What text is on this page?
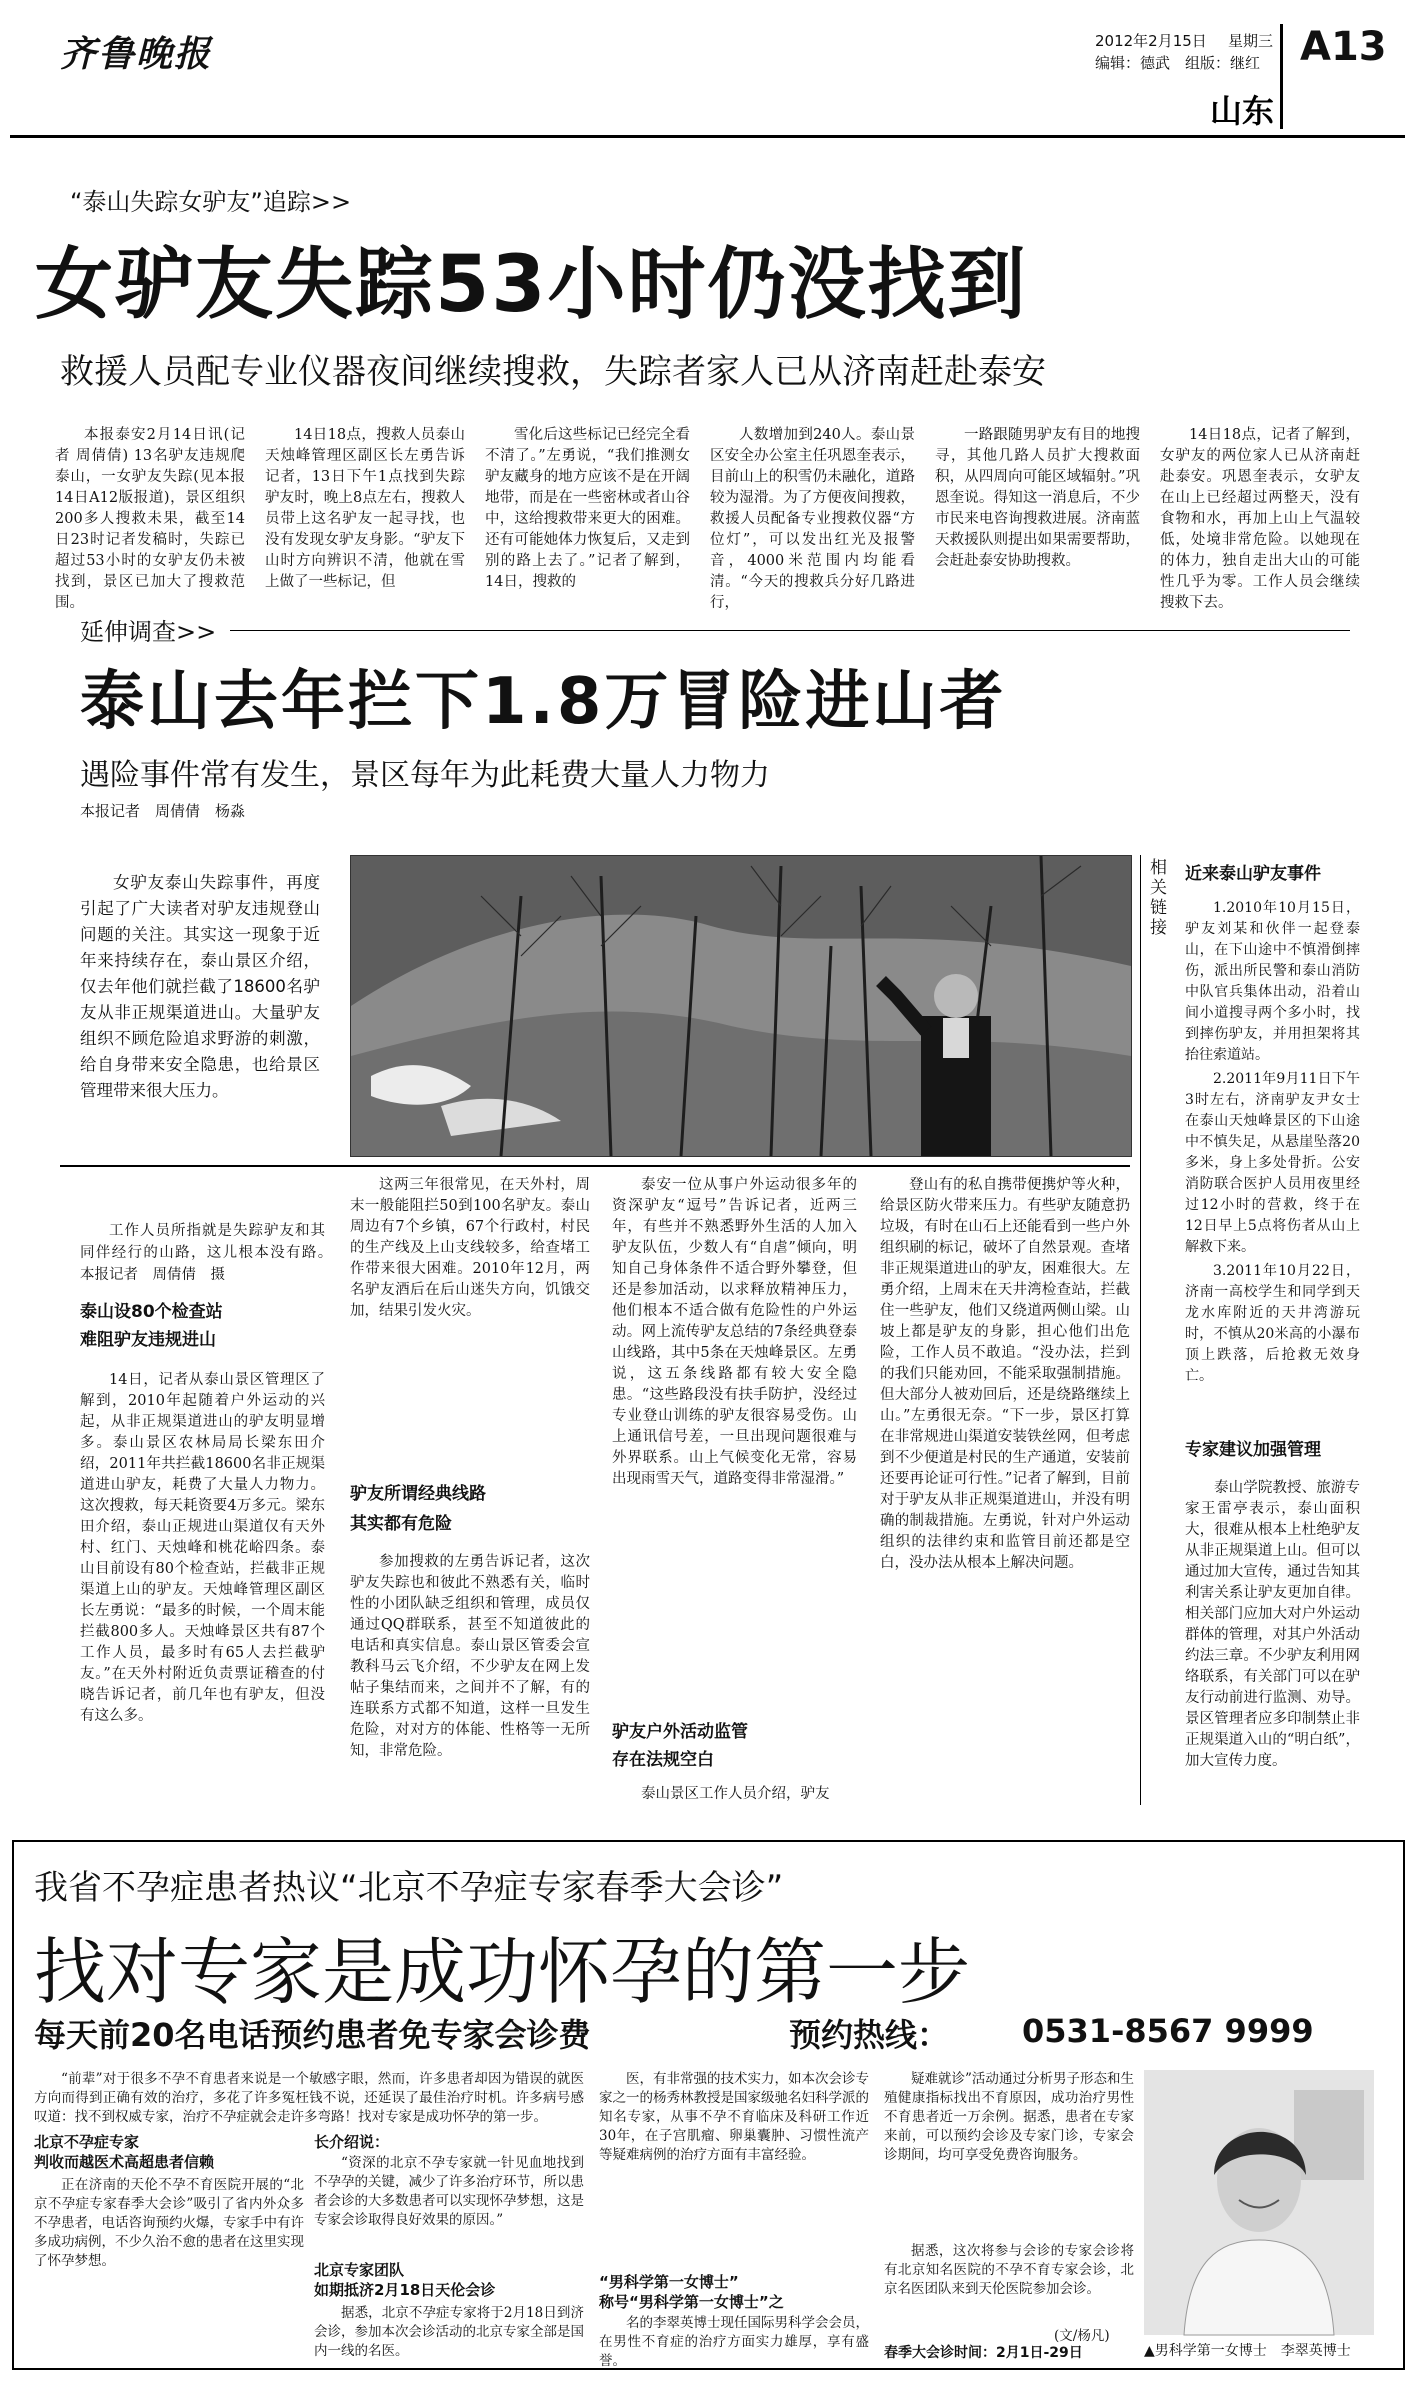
齐鲁晚报	2012年2月15日 星期三
编辑：德武　组版：继红 A13
山东
“泰山失踪女驴友”追踪>>
女驴友失踪53小时仍没找到
救援人员配专业仪器夜间继续搜救，失踪者家人已从济南赶赴泰安

本报泰安2月14日讯(记者 周倩倩) 13名驴友违规爬泰山，一女驴友失踪(见本报14日A12版报道)，景区组织200多人搜救未果，截至14日23时记者发稿时，失踪已超过53小时的女驴友仍未被找到，景区已加大了搜救范围。

14日18点，搜救人员泰山天烛峰管理区副区长左勇告诉记者，13日下午1点找到失踪驴友时，晚上8点左右，搜救人员带上这名驴友一起寻找，也没有发现女驴友身影。“驴友下山时方向辨识不清，他就在雪上做了一些标记，但

雪化后这些标记已经完全看不清了。”左勇说，“我们推测女驴友藏身的地方应该不是在开阔地带，而是在一些密林或者山谷中，这给搜救带来更大的困难。还有可能她体力恢复后，又走到别的路上去了。”记者了解到，14日，搜救的

人数增加到240人。泰山景区安全办公室主任巩恩奎表示，目前山上的积雪仍未融化，道路较为湿滑。为了方便夜间搜救，救援人员配备专业搜救仪器“方位灯”，可以发出红光及报警音，4000米范围内均能看清。“今天的搜救兵分好几路进行，

一路跟随男驴友有目的地搜寻，其他几路人员扩大搜救面积，从四周向可能区域辐射。”巩恩奎说。得知这一消息后，不少市民来电咨询搜救进展。济南蓝天救援队则提出如果需要帮助，会赶赴泰安协助搜救。

14日18点，记者了解到，女驴友的两位家人已从济南赶赴泰安。巩恩奎表示，女驴友在山上已经超过两整天，没有食物和水，再加上山上气温较低，处境非常危险。以她现在的体力，独自走出大山的可能性几乎为零。工作人员会继续搜救下去。

延伸调查>>
泰山去年拦下1.8万冒险进山者
遇险事件常有发生，景区每年为此耗费大量人力物力
本报记者　周倩倩　杨淼
女驴友泰山失踪事件，再度引起了广大读者对驴友违规登山问题的关注。其实这一现象于近年来持续存在，泰山景区介绍，仅去年他们就拦截了18600名驴友从非正规渠道进山。大量驴友组织不顾危险追求野游的刺激，给自身带来安全隐患，也给景区管理带来很大压力。
工作人员所指就是失踪驴友和其同伴经行的山路，这儿根本没有路。　本报记者　周倩倩　摄
泰山设80个检查站
难阻驴友违规进山

14日，记者从泰山景区管理区了解到，2010年起随着户外运动的兴起，从非正规渠道进山的驴友明显增多。泰山景区农林局局长梁东田介绍，2011年共拦截18600名非正规渠道进山驴友，耗费了大量人力物力。这次搜救，每天耗资要4万多元。梁东田介绍，泰山正规进山渠道仅有天外村、红门、天烛峰和桃花峪四条。泰山目前设有80个检查站，拦截非正规渠道上山的驴友。天烛峰管理区副区长左勇说：“最多的时候，一个周末能拦截800多人。天烛峰景区共有87个工作人员，最多时有65人去拦截驴友。”在天外村附近负责票证稽查的付晓告诉记者，前几年也有驴友，但没有这么多。

这两三年很常见，在天外村，周末一般能阻拦50到100名驴友。泰山周边有7个乡镇，67个行政村，村民的生产线及上山支线较多，给查堵工作带来很大困难。2010年12月，两名驴友酒后在后山迷失方向，饥饿交加，结果引发火灾。

驴友所谓经典线路
其实都有危险

参加搜救的左勇告诉记者，这次驴友失踪也和彼此不熟悉有关，临时性的小团队缺乏组织和管理，成员仅通过QQ群联系，甚至不知道彼此的电话和真实信息。泰山景区管委会宣教科马云飞介绍，不少驴友在网上发帖子集结而来，之间并不了解，有的连联系方式都不知道，这样一旦发生危险，对对方的体能、性格等一无所知，非常危险。

泰安一位从事户外运动很多年的资深驴友“逗号”告诉记者，近两三年，有些并不熟悉野外生活的人加入驴友队伍，少数人有“自虐”倾向，明知自己身体条件不适合野外攀登，但还是参加活动，以求释放精神压力，他们根本不适合做有危险性的户外运动。网上流传驴友总结的7条经典登泰山线路，其中5条在天烛峰景区。左勇说，这五条线路都有较大安全隐患。“这些路段没有扶手防护，没经过专业登山训练的驴友很容易受伤。山上通讯信号差，一旦出现问题很难与外界联系。山上气候变化无常，容易出现雨雪天气，道路变得非常湿滑。”

驴友户外活动监管
存在法规空白

泰山景区工作人员介绍，驴友

登山有的私自携带便携炉等火种，给景区防火带来压力。有些驴友随意扔垃圾，有时在山石上还能看到一些户外组织刷的标记，破坏了自然景观。查堵非正规渠道进山的驴友，困难很大。左勇介绍，上周末在天井湾检查站，拦截住一些驴友，他们又绕道两侧山梁。山坡上都是驴友的身影，担心他们出危险，工作人员不敢追。“没办法，拦到的我们只能劝回，不能采取强制措施。但大部分人被劝回后，还是绕路继续上山。”左勇很无奈。“下一步，景区打算在非常规进山渠道安装铁丝网，但考虑到不少便道是村民的生产通道，安装前还要再论证可行性。”记者了解到，目前对于驴友从非正规渠道进山，并没有明确的制裁措施。左勇说，针对户外运动组织的法律约束和监管目前还都是空白，没办法从根本上解决问题。

相关链接
近来泰山驴友事件

1.2010年10月15日，驴友刘某和伙伴一起登泰山，在下山途中不慎滑倒摔伤，派出所民警和泰山消防中队官兵集体出动，沿着山间小道搜寻两个多小时，找到摔伤驴友，并用担架将其抬往索道站。

2.2011年9月11日下午3时左右，济南驴友尹女士在泰山天烛峰景区的下山途中不慎失足，从悬崖坠落20多米，身上多处骨折。公安消防联合医护人员用夜里经过12小时的营救，终于在12日早上5点将伤者从山上解救下来。

3.2011年10月22日，济南一高校学生和同学到天龙水库附近的天井湾游玩时，不慎从20米高的小瀑布顶上跌落，后抢救无效身亡。

专家建议加强管理

泰山学院教授、旅游专家王雷亭表示，泰山面积大，很难从根本上杜绝驴友从非正规渠道上山。但可以通过加大宣传，通过告知其利害关系让驴友更加自律。相关部门应加大对户外运动群体的管理，对其户外活动约法三章。不少驴友利用网络联系，有关部门可以在驴友行动前进行监测、劝导。景区管理者应多印制禁止非正规渠道入山的“明白纸”，加大宣传力度。

我省不孕症患者热议“北京不孕症专家春季大会诊”
找对专家是成功怀孕的第一步
每天前20名电话预约患者免专家会诊费	预约热线： 0531-8567 9999

“前辈”对于很多不孕不育患者来说是一个敏感字眼，然而，许多患者却因为错误的就医方向而得到正确有效的治疗，多花了许多冤枉钱不说，还延误了最佳治疗时机。许多病号感叹道：找不到权威专家，治疗不孕症就会走许多弯路！找对专家是成功怀孕的第一步。

北京不孕症专家
判收而越医术高超患者信赖

正在济南的天伦不孕不育医院开展的“北京不孕症专家春季大会诊”吸引了省内外众多不孕患者，电话咨询预约火爆，专家手中有许多成功病例，不少久治不愈的患者在这里实现了怀孕梦想。

长介绍说：

“资深的北京不孕专家就一针见血地找到不孕孕的关键，减少了许多治疗环节，所以患者会诊的大多数患者可以实现怀孕梦想，这是专家会诊取得良好效果的原因。”

北京专家团队
如期抵济2月18日天伦会诊

据悉，北京不孕症专家将于2月18日到济会诊，参加本次会诊活动的北京专家全部是国内一线的名医。

医，有非常强的技术实力，如本次会诊专家之一的杨秀林教授是国家级驰名妇科学派的知名专家，从事不孕不育临床及科研工作近30年，在子宫肌瘤、卵巢囊肿、习惯性流产等疑难病例的治疗方面有丰富经验。

“男科学第一女博士”
称号“男科学第一女博士”之

名的李翠英博士现任国际男科学会会员，在男性不育症的治疗方面实力雄厚，享有盛誉。

疑难就诊”活动通过分析男子形态和生殖健康指标找出不育原因，成功治疗男性不育患者近一万余例。据悉，患者在专家来前，可以预约会诊及专家门诊，专家会诊期间，均可享受免费咨询服务。

据悉，这次将参与会诊的专家会诊将有北京知名医院的不孕不育专家会诊，北京名医团队来到天伦医院参加会诊。

(文/杨凡)
春季大会诊时间：2月1日-29日	▲男科学第一女博士　李翠英博士
